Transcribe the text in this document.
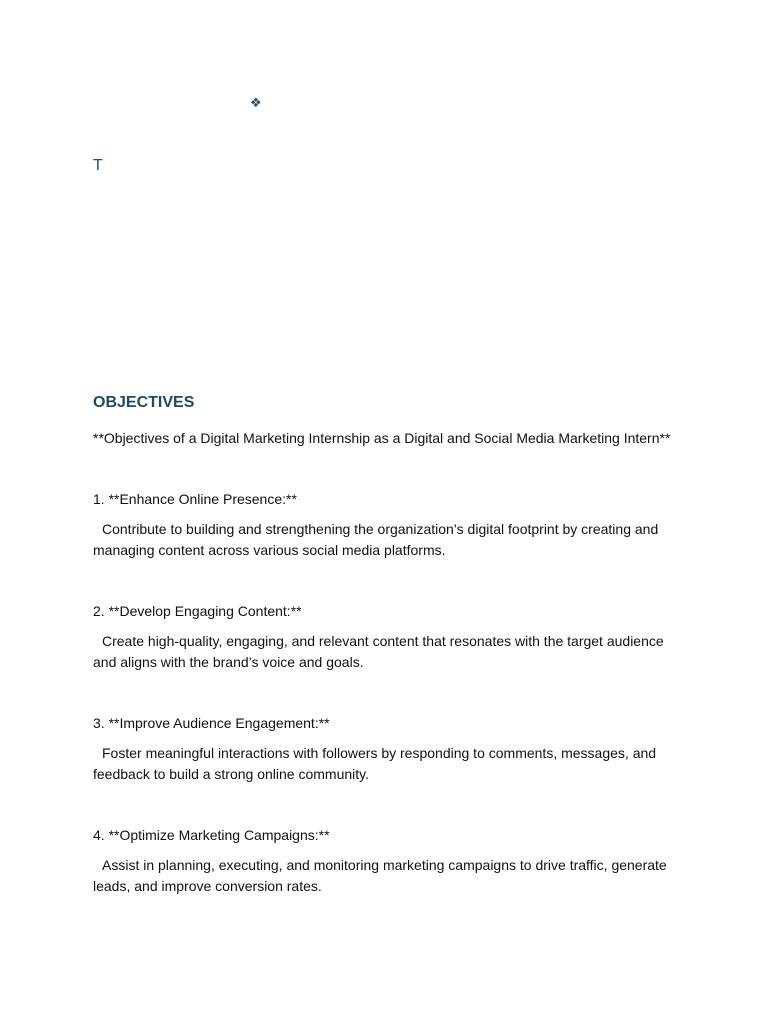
❖
T
OBJECTIVES

**Objectives of a Digital Marketing Internship as a Digital and Social Media Marketing Intern**

1. **Enhance Online Presence:**

Contribute to building and strengthening the organization’s digital footprint by creating and managing content across various social media platforms.

2. **Develop Engaging Content:**

Create high-quality, engaging, and relevant content that resonates with the target audience and aligns with the brand’s voice and goals.

3. **Improve Audience Engagement:**

Foster meaningful interactions with followers by responding to comments, messages, and feedback to build a strong online community.

4. **Optimize Marketing Campaigns:**

Assist in planning, executing, and monitoring marketing campaigns to drive traffic, generate leads, and improve conversion rates.
